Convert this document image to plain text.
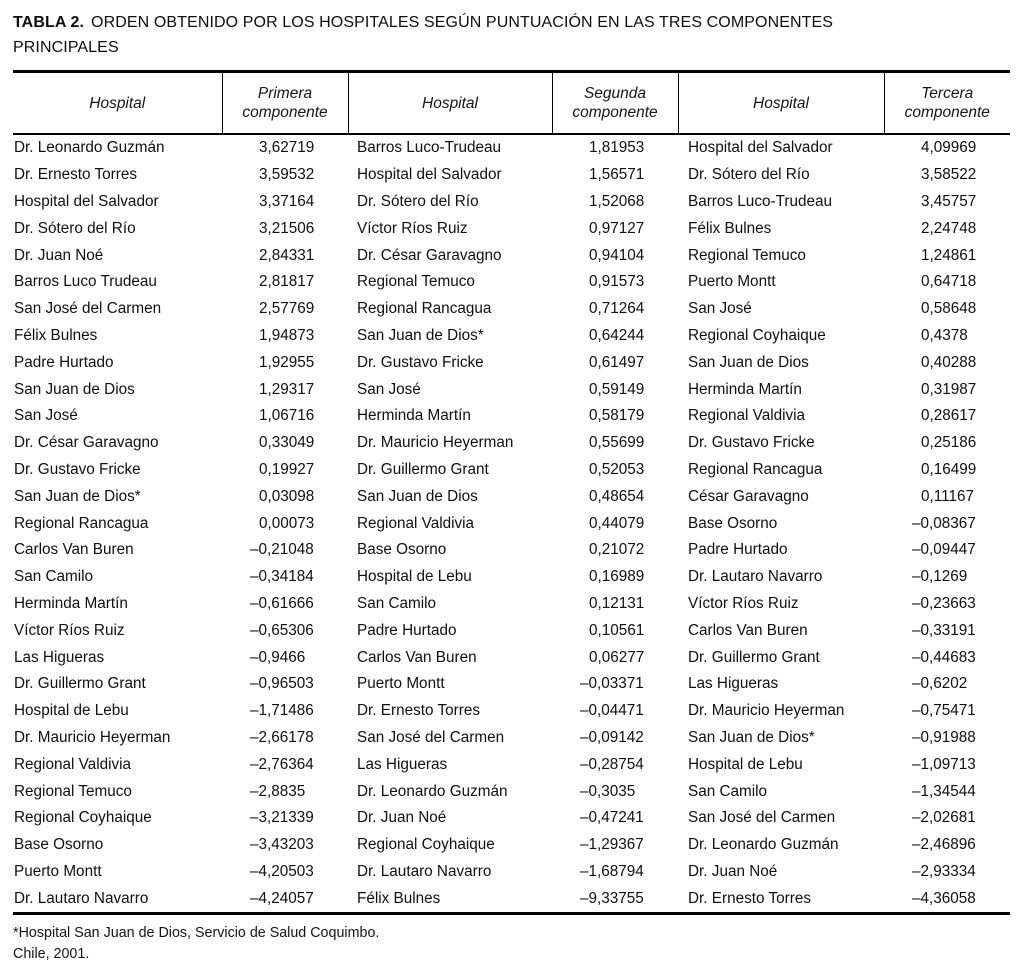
TABLA 2. ORDEN OBTENIDO POR LOS HOSPITALES SEGÚN PUNTUACIÓN EN LAS TRES COMPONENTES
PRINCIPALES
Hospital	Primera componente	Hospital	Segunda componente	Hospital	Tercera componente
Dr. Leonardo Guzmán	3,62719	Barros Luco-Trudeau	1,81953	Hospital del Salvador	4,09969
Dr. Ernesto Torres	3,59532	Hospital del Salvador	1,56571	Dr. Sótero del Río	3,58522
Hospital del Salvador	3,37164	Dr. Sótero del Río	1,52068	Barros Luco-Trudeau	3,45757
Dr. Sótero del Río	3,21506	Víctor Ríos Ruiz	0,97127	Félix Bulnes	2,24748
Dr. Juan Noé	2,84331	Dr. César Garavagno	0,94104	Regional Temuco	1,24861
Barros Luco Trudeau	2,81817	Regional Temuco	0,91573	Puerto Montt	0,64718
San José del Carmen	2,57769	Regional Rancagua	0,71264	San José	0,58648
Félix Bulnes	1,94873	San Juan de Dios*	0,64244	Regional Coyhaique	0,4378
Padre Hurtado	1,92955	Dr. Gustavo Fricke	0,61497	San Juan de Dios	0,40288
San Juan de Dios	1,29317	San José	0,59149	Herminda Martín	0,31987
San José	1,06716	Herminda Martín	0,58179	Regional Valdivia	0,28617
Dr. César Garavagno	0,33049	Dr. Mauricio Heyerman	0,55699	Dr. Gustavo Fricke	0,25186
Dr. Gustavo Fricke	0,19927	Dr. Guillermo Grant	0,52053	Regional Rancagua	0,16499
San Juan de Dios*	0,03098	San Juan de Dios	0,48654	César Garavagno	0,11167
Regional Rancagua	0,00073	Regional Valdivia	0,44079	Base Osorno	–0,08367
Carlos Van Buren	–0,21048	Base Osorno	0,21072	Padre Hurtado	–0,09447
San Camilo	–0,34184	Hospital de Lebu	0,16989	Dr. Lautaro Navarro	–0,1269
Herminda Martín	–0,61666	San Camilo	0,12131	Víctor Ríos Ruiz	–0,23663
Víctor Ríos Ruiz	–0,65306	Padre Hurtado	0,10561	Carlos Van Buren	–0,33191
Las Higueras	–0,9466	Carlos Van Buren	0,06277	Dr. Guillermo Grant	–0,44683
Dr. Guillermo Grant	–0,96503	Puerto Montt	–0,03371	Las Higueras	–0,6202
Hospital de Lebu	–1,71486	Dr. Ernesto Torres	–0,04471	Dr. Mauricio Heyerman	–0,75471
Dr. Mauricio Heyerman	–2,66178	San José del Carmen	–0,09142	San Juan de Dios*	–0,91988
Regional Valdivia	–2,76364	Las Higueras	–0,28754	Hospital de Lebu	–1,09713
Regional Temuco	–2,8835	Dr. Leonardo Guzmán	–0,3035	San Camilo	–1,34544
Regional Coyhaique	–3,21339	Dr. Juan Noé	–0,47241	San José del Carmen	–2,02681
Base Osorno	–3,43203	Regional Coyhaique	–1,29367	Dr. Leonardo Guzmán	–2,46896
Puerto Montt	–4,20503	Dr. Lautaro Navarro	–1,68794	Dr. Juan Noé	–2,93334
Dr. Lautaro Navarro	–4,24057	Félix Bulnes	–9,33755	Dr. Ernesto Torres	–4,36058
*Hospital San Juan de Dios, Servicio de Salud Coquimbo.
Chile, 2001.
